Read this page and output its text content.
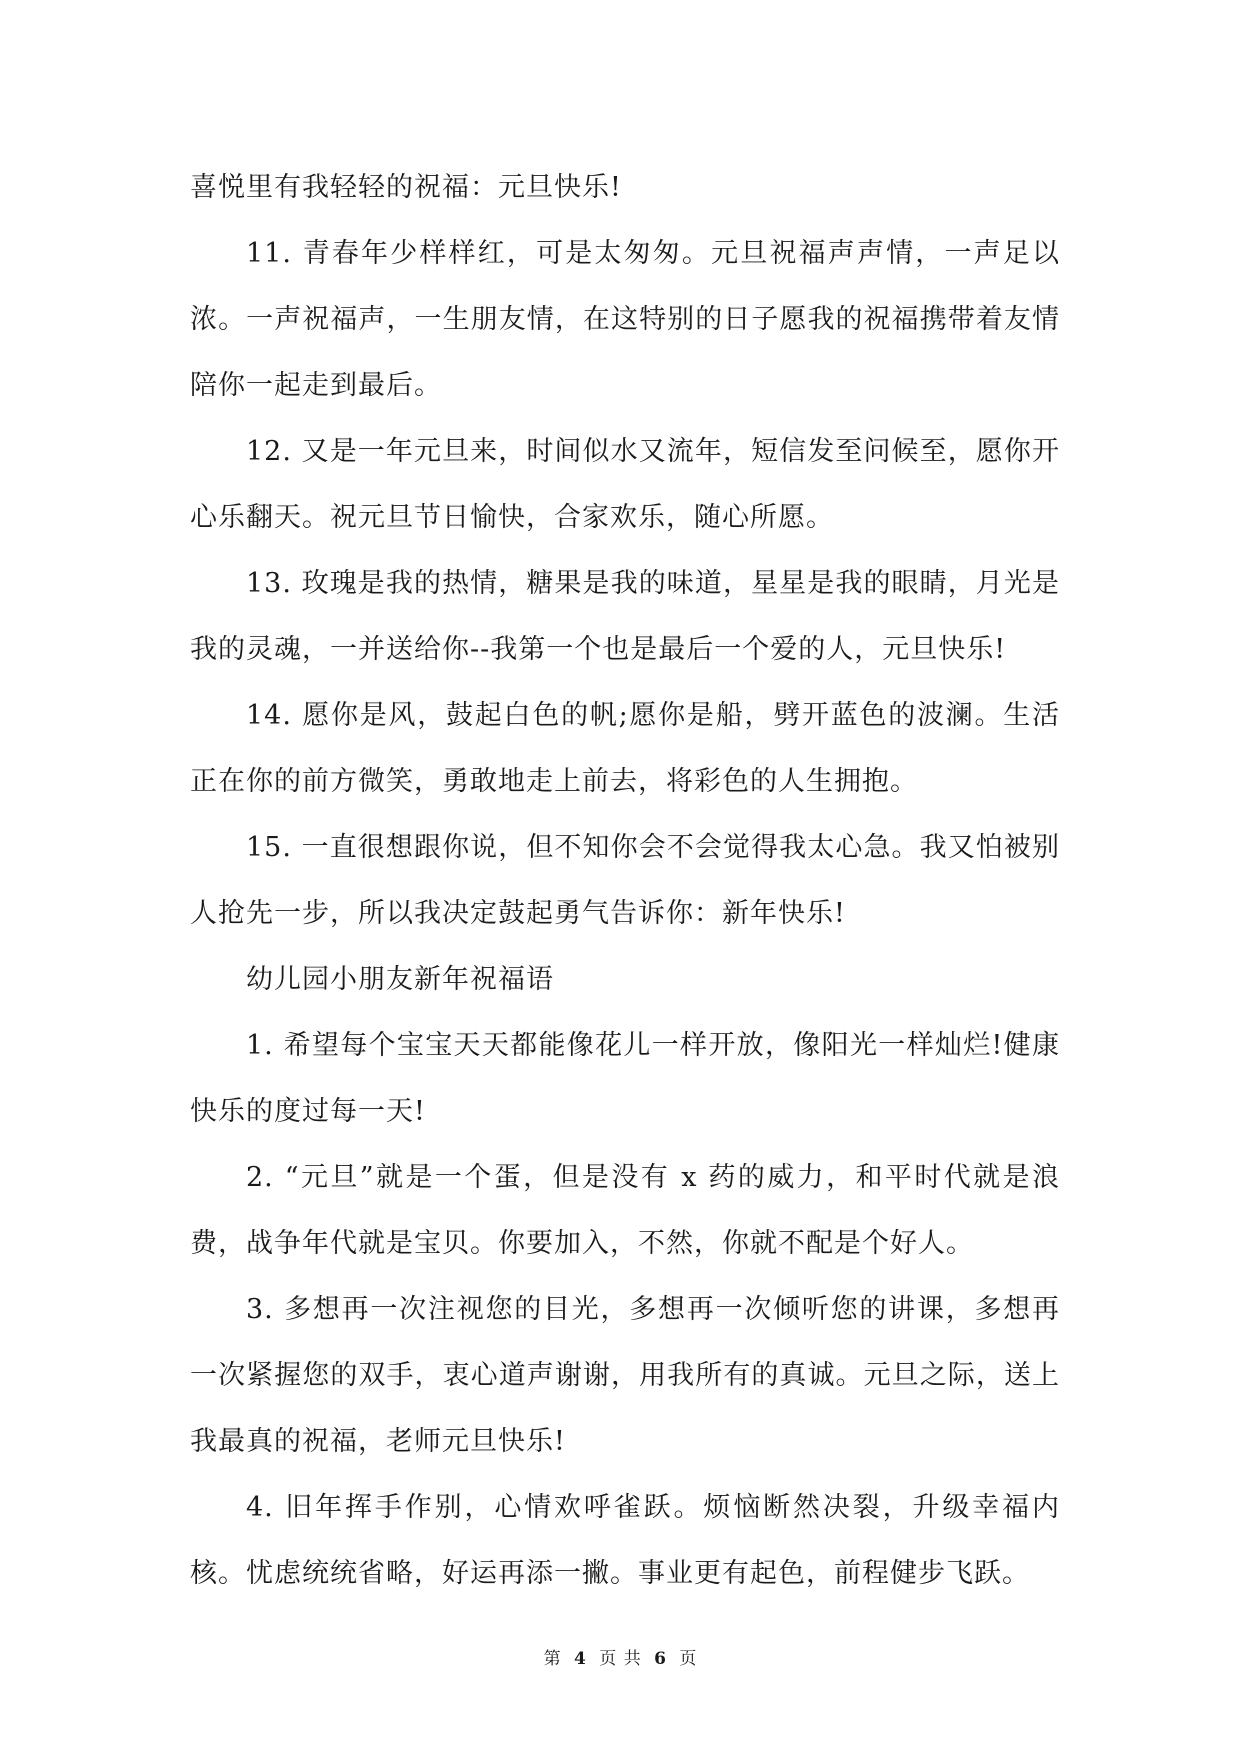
喜悦里有我轻轻的祝福：元旦快乐!

11. 青春年少样样红，可是太匆匆。元旦祝福声声情，一声足以浓。一声祝福声，一生朋友情，在这特别的日子愿我的祝福携带着友情陪你一起走到最后。

12. 又是一年元旦来，时间似水又流年，短信发至问候至，愿你开心乐翻天。祝元旦节日愉快，合家欢乐，随心所愿。

13. 玫瑰是我的热情，糖果是我的味道，星星是我的眼睛，月光是我的灵魂，一并送给你--我第一个也是最后一个爱的人，元旦快乐!

14. 愿你是风，鼓起白色的帆;愿你是船，劈开蓝色的波澜。生活正在你的前方微笑，勇敢地走上前去，将彩色的人生拥抱。

15. 一直很想跟你说，但不知你会不会觉得我太心急。我又怕被别人抢先一步，所以我决定鼓起勇气告诉你：新年快乐!

幼儿园小朋友新年祝福语

1. 希望每个宝宝天天都能像花儿一样开放，像阳光一样灿烂!健康快乐的度过每一天!

2. “元旦”就是一个蛋，但是没有 x 药的威力，和平时代就是浪费，战争年代就是宝贝。你要加入，不然，你就不配是个好人。

3. 多想再一次注视您的目光，多想再一次倾听您的讲课，多想再一次紧握您的双手，衷心道声谢谢，用我所有的真诚。元旦之际，送上我最真的祝福，老师元旦快乐!

4. 旧年挥手作别，心情欢呼雀跃。烦恼断然决裂，升级幸福内核。忧虑统统省略，好运再添一撇。事业更有起色，前程健步飞跃。

第 4 页 共 6 页
